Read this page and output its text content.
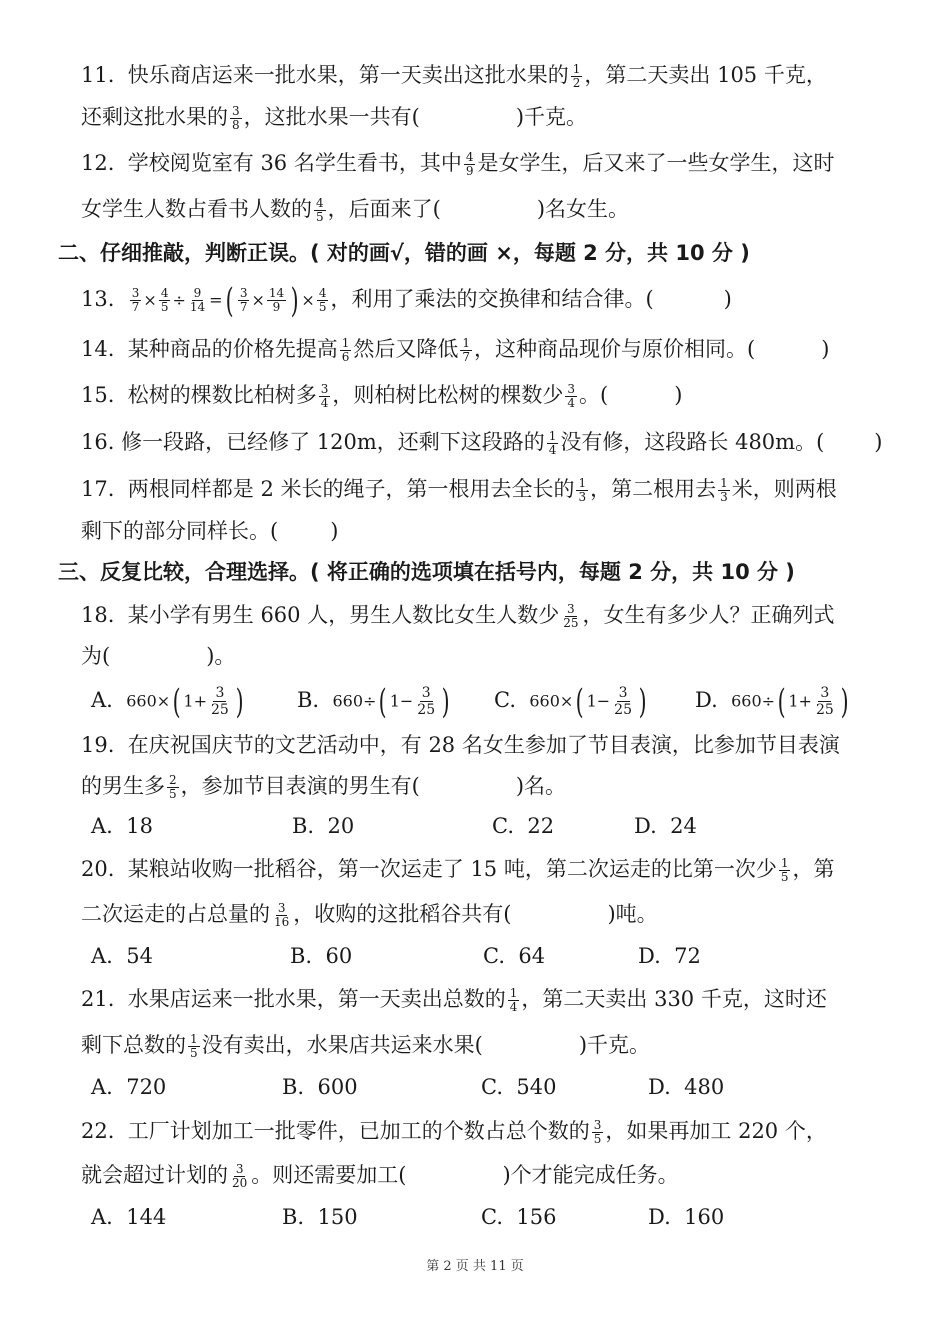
11. 快乐商店运来一批水果，第一天卖出这批水果的 $\frac{1}{2}$ ，第二天卖出 105 千克，
还剩这批水果的 $\frac{3}{8}$ ，这批水果一共有(	)千克。
12. 学校阅览室有 36 名学生看书，其中 $\frac{4}{9}$ 是女学生，后又来了一些女学生，这时
女学生人数占看书人数的 $\frac{4}{5}$ ，后面来了(	)名女生。
二、仔细推敲，判断正误。( 对的画√，错的画 ×，每题 2 分，共 10 分 )
13. $\frac{3}{7} \times \frac{4}{5} \div \frac{9}{14}$ =( $\frac{3}{7} \times \frac{14}{9}$ ) × $\frac{4}{5}$ ，利用了乘法的交换律和结合律。(	)
14. 某种商品的价格先提高 $\frac{1}{6}$ 然后又降低 $\frac{1}{7}$ ，这种商品现价与原价相同。(	)
15. 松树的棵数比柏树多 $\frac{3}{4}$ ，则柏树比松树的棵数少 $\frac{3}{4}$ 。(	)
16. 修一段路，已经修了 120m，还剩下这段路的 $\frac{1}{4}$ 没有修，这段路长 480m。( )
17. 两根同样都是 2 米长的绳子，第一根用去全长的 $\frac{1}{3}$ ，第二根用去 $\frac{1}{3}$ 米，则两根
剩下的部分同样长。( )
三、反复比较，合理选择。( 将正确的选项填在括号内，每题 2 分，共 10 分 )
18. 某小学有男生 660 人，男生人数比女生人数少 $\frac{3}{25}$ ，女生有多少人？正确列式
为(	)。
A. 660×( $1+ \frac{3}{25}$ )	B. 660÷( $1- \frac{3}{25}$ ) C. 660×( $1- \frac{3}{25}$ ) D. 660÷( $1+ \frac{3}{25}$ )
19. 在庆祝国庆节的文艺活动中，有 28 名女生参加了节目表演，比参加节目表演
的男生多 $\frac{2}{5}$ ，参加节目表演的男生有(	)名。
A. 18	B. 20	C. 22	D. 24
20. 某粮站收购一批稻谷，第一次运走了 15 吨，第二次运走的比第一次少 $\frac{1}{5}$ ，第
二次运走的占总量的 $\frac{3}{16}$ ，收购的这批稻谷共有(	)吨。
A. 54	B. 60	C. 64	D. 72
21. 水果店运来一批水果，第一天卖出总数的 $\frac{1}{4}$ ，第二天卖出 330 千克，这时还
剩下总数的 $\frac{1}{5}$ 没有卖出，水果店共运来水果(	)千克。
A. 720	B. 600	C. 540	D. 480
22. 工厂计划加工一批零件，已加工的个数占总个数的 $\frac{3}{5}$ ，如果再加工 220 个，
就会超过计划的 $\frac{3}{20}$ 。则还需要加工(	)个才能完成任务。
A. 144	B. 150	C. 156	D. 160
第 2 页 共 11 页
